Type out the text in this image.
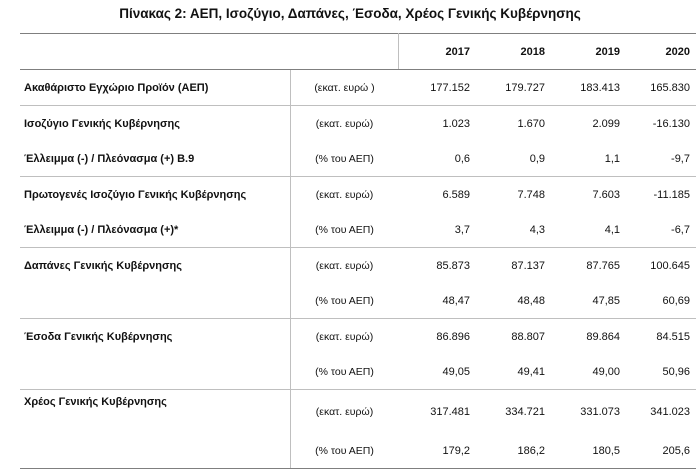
Πίνακας 2: ΑΕΠ, Ισοζύγιο, Δαπάνες, Έσοδα, Χρέος Γενικής Κυβέρνησης
		2017	2018	2019	2020
Ακαθάριστο Εγχώριο Προϊόν (ΑΕΠ)	(εκατ. ευρώ )	177.152	179.727	183.413	165.830
Ισοζύγιο Γενικής Κυβέρνησης	(εκατ. ευρώ)	1.023	1.670	2.099	-16.130
Έλλειμμα (-) / Πλεόνασμα (+) Β.9	(% του ΑΕΠ)	0,6	0,9	1,1	-9,7
Πρωτογενές Ισοζύγιο Γενικής Κυβέρνησης	(εκατ. ευρώ)	6.589	7.748	7.603	-11.185
Έλλειμμα (-) / Πλεόνασμα (+)*	(% του ΑΕΠ)	3,7	4,3	4,1	-6,7
Δαπάνες Γενικής Κυβέρνησης	(εκατ. ευρώ)	85.873	87.137	87.765	100.645
	(% του ΑΕΠ)	48,47	48,48	47,85	60,69
Έσοδα Γενικής Κυβέρνησης	(εκατ. ευρώ)	86.896	88.807	89.864	84.515
	(% του ΑΕΠ)	49,05	49,41	49,00	50,96
Χρέος Γενικής Κυβέρνησης	(εκατ. ευρώ)	317.481	334.721	331.073	341.023
	(% του ΑΕΠ)	179,2	186,2	180,5	205,6
